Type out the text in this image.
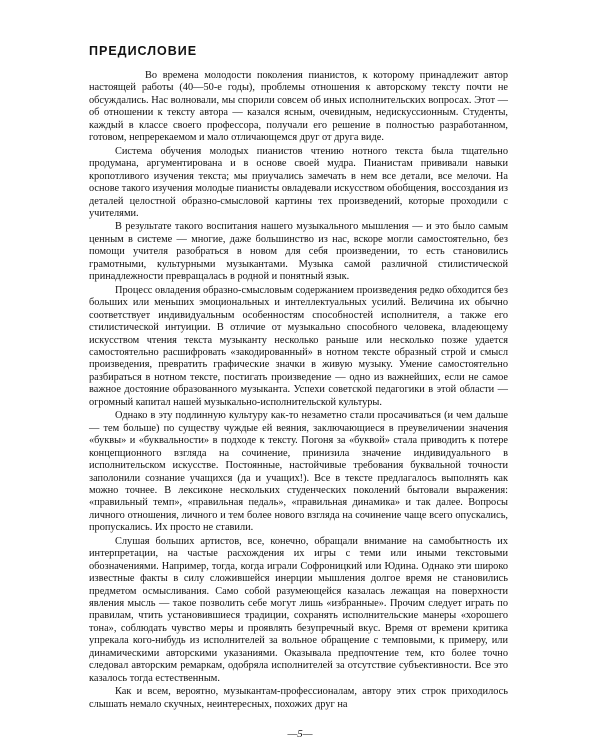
ПРЕДИСЛОВИЕ

Во времена молодости поколения пианистов, к которому принадлежит автор настоящей работы (40—50-е годы), проблемы отношения к авторскому тексту почти не обсуждались. Нас волновали, мы спорили совсем об иных исполнительских вопросах. Этот — об отношении к тексту автора — казался ясным, очевидным, недискуссионным. Студенты, каждый в классе своего профессора, получали его решение в полностью разработанном, готовом, непререкаемом и мало отличающемся друг от друга виде.

Система обучения молодых пианистов чтению нотного текста была тщательно продумана, аргументирована и в основе своей мудра. Пианистам прививали навыки кропотливого изучения текста; мы приучались замечать в нем все детали, все мелочи. На основе такого изучения молодые пианисты овладевали искусством обобщения, воссоздания из деталей целостной образно-смысловой картины тех произведений, которые проходили с учителями.

В результате такого воспитания нашего музыкального мышления — и это было самым ценным в системе — многие, даже большинство из нас, вскоре могли самостоятельно, без помощи учителя разобраться в новом для себя произведении, то есть становились грамотными, культурными музыкантами. Музыка самой различной стилистической принадлежности превращалась в родной и понятный язык.

Процесс овладения образно-смысловым содержанием произведения редко обходится без больших или меньших эмоциональных и интеллектуальных усилий. Величина их обычно соответствует индивидуальным особенностям способностей исполнителя, а также его стилистической интуиции. В отличие от музыкально способного человека, владеющему искусством чтения текста музыканту несколько раньше или несколько позже удается самостоятельно расшифровать «закодированный» в нотном тексте образный строй и смысл произведения, превратить графические значки в живую музыку. Умение самостоятельно разбираться в нотном тексте, постигать произведение — одно из важнейших, если не самое важное достояние образованного музыканта. Успехи советской педагогики в этой области — огромный капитал нашей музыкально-исполнительской культуры.

Однако в эту подлинную культуру как-то незаметно стали просачиваться (и чем дальше — тем больше) по существу чуждые ей веяния, заключающиеся в преувеличении значения «буквы» и «буквальности» в подходе к тексту. Погоня за «буквой» стала приводить к потере концепционного взгляда на сочинение, принизила значение индивидуального в исполнительском искусстве. Постоянные, настойчивые требования буквальной точности заполонили сознание учащихся (да и учащих!). Все в тексте предлагалось выполнять как можно точнее. В лексиконе нескольких студенческих поколений бытовали выражения: «правильный темп», «правильная педаль», «правильная динамика» и так далее. Вопросы личного отношения, личного и тем более нового взгляда на сочинение чаще всего опускались, пропускались. Их просто не ставили.

Слушая больших артистов, все, конечно, обращали внимание на самобытность их интерпретации, на частые расхождения их игры с теми или иными текстовыми обозначениями. Например, тогда, когда играли Софроницкий или Юдина. Однако эти широко известные факты в силу сложившейся инерции мышления долгое время не становились предметом осмысливания. Само собой разумеющейся казалась лежащая на поверхности явления мысль — такое позволить себе могут лишь «избранные». Прочим следует играть по правилам, чтить установившиеся традиции, сохранять исполнительские манеры «хорошего тона», соблюдать чувство меры и проявлять безупречный вкус. Время от времени критика упрекала кого-нибудь из исполнителей за вольное обращение с темповыми, к примеру, или динамическими авторскими указаниями. Оказывала предпочтение тем, кто более точно следовал авторским ремаркам, одобряла исполнителей за отсутствие субъективности. Все это казалось тогда естественным.

Как и всем, вероятно, музыкантам-профессионалам, автору этих строк приходилось слышать немало скучных, неинтересных, похожих друг на

—5—
